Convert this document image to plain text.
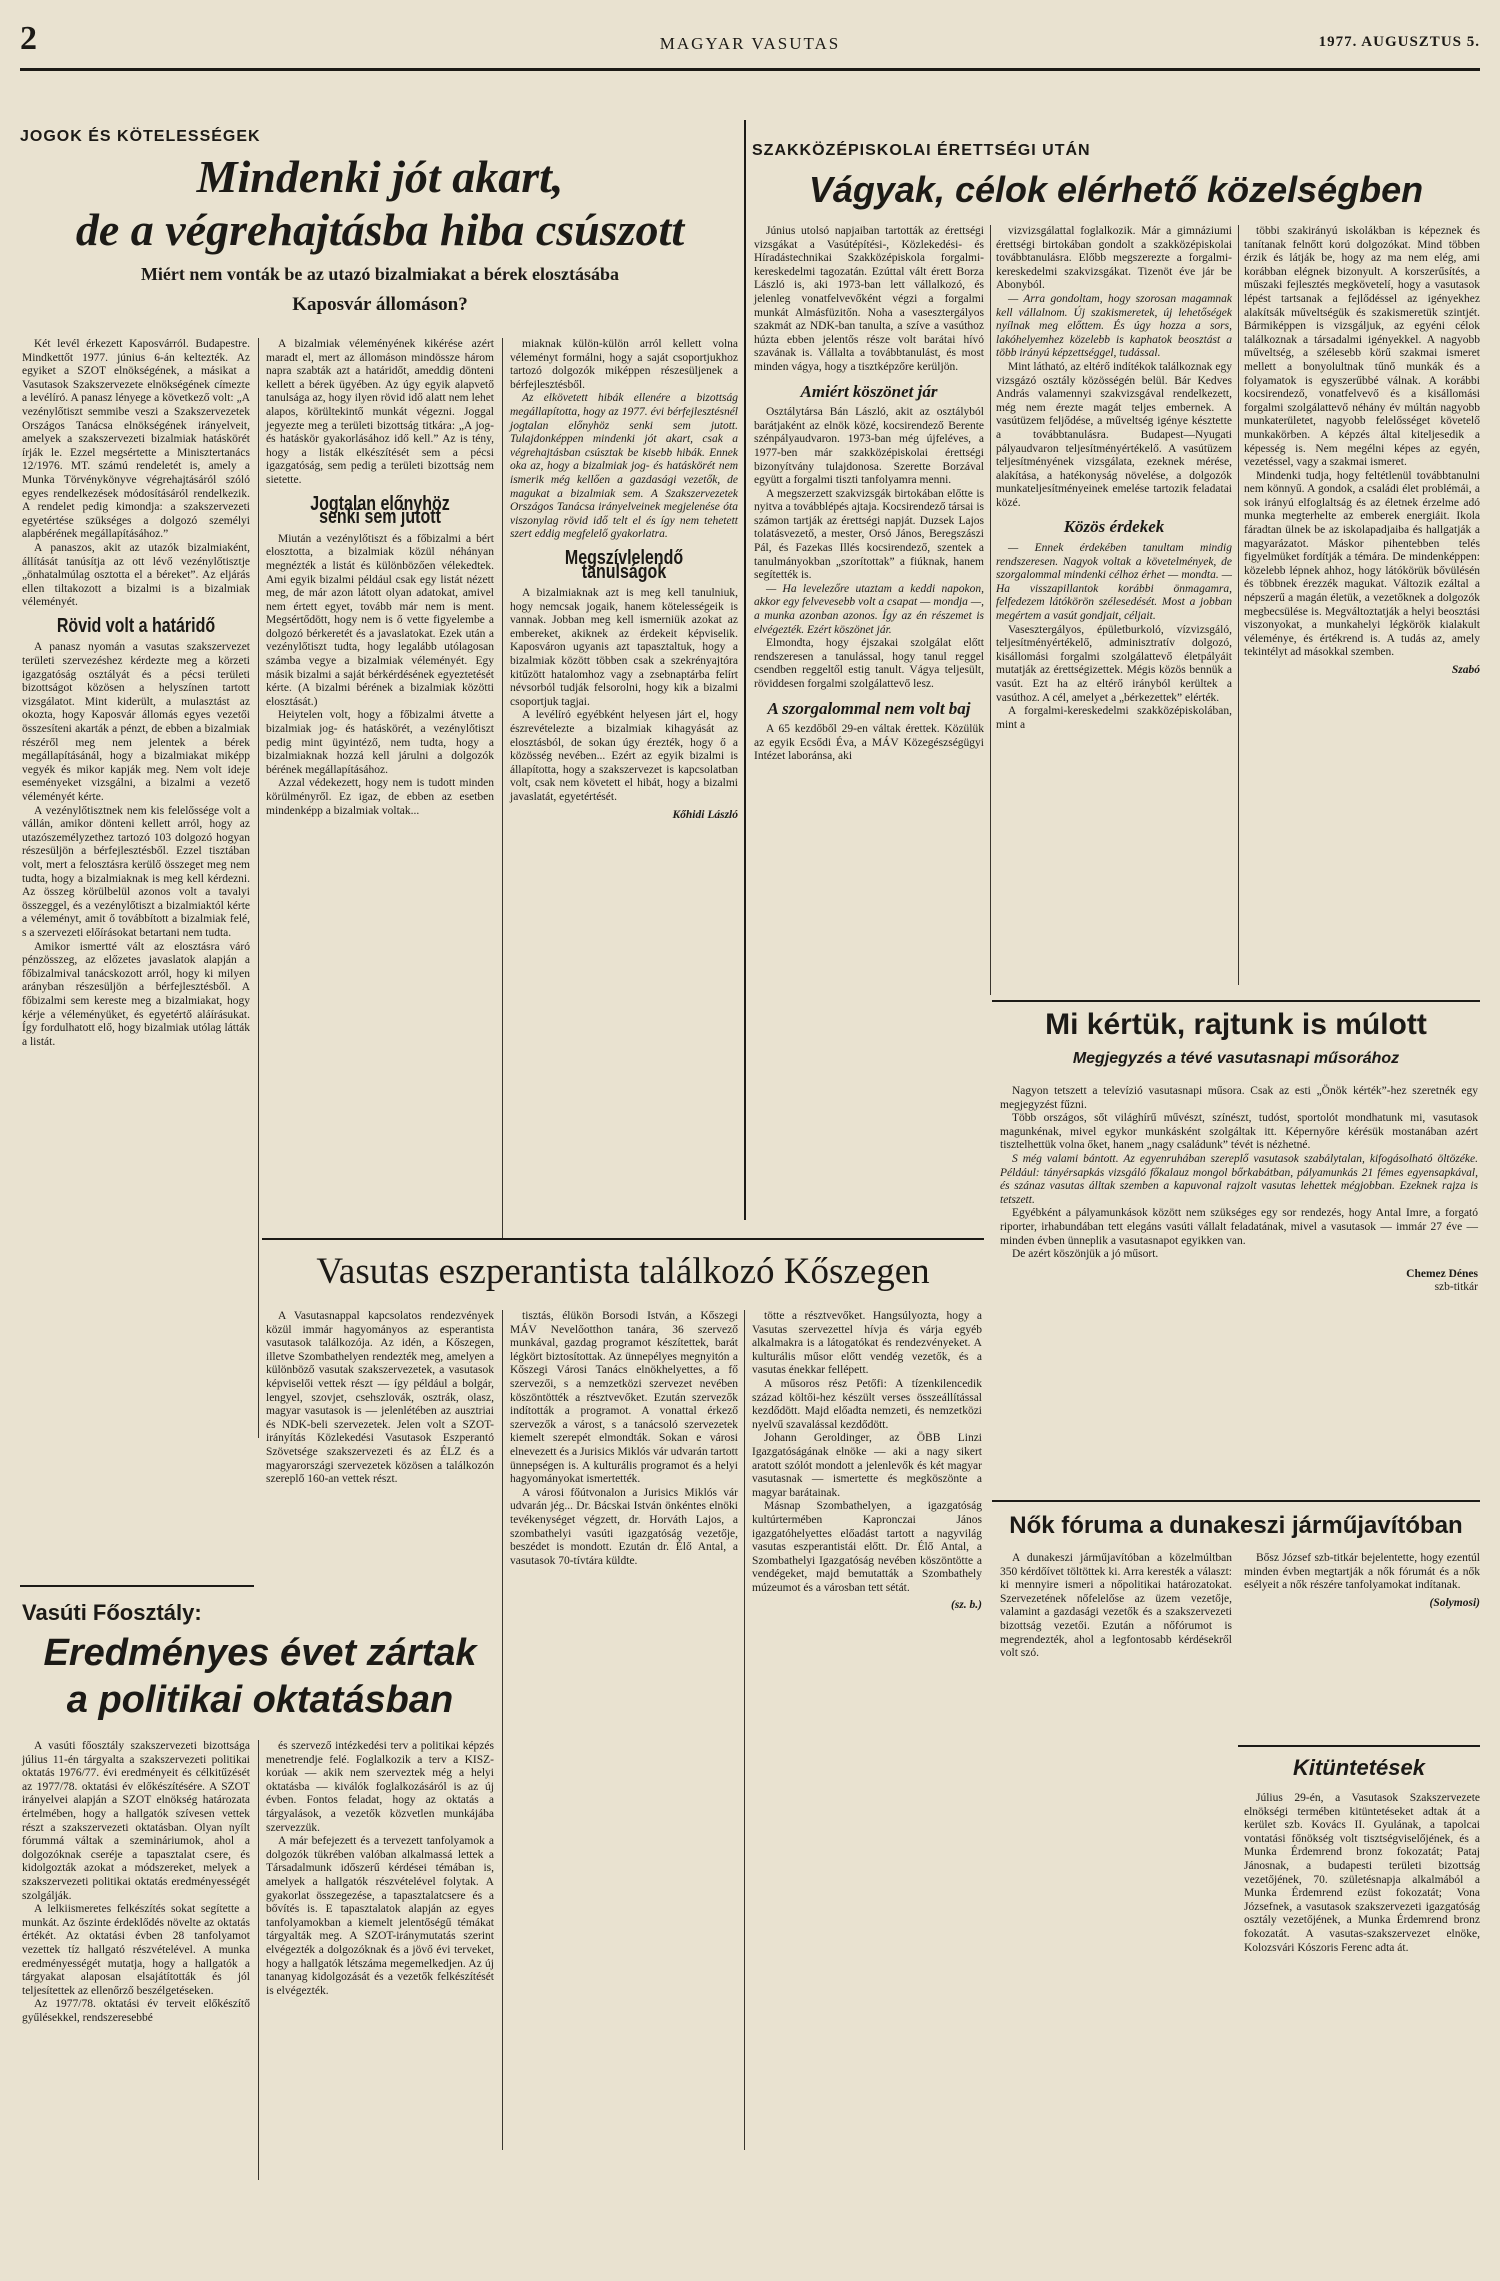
2	MAGYAR VASUTAS	1977. AUGUSZTUS 5.
JOGOK ÉS KÖTELESSÉGEK
Mindenki jót akart,
de a végrehajtásba hiba csúszott
Miért nem vonták be az utazó bizalmiakat a bérek elosztásába
Kaposvár állomáson?

Két levél érkezett Kaposvárról. Budapestre. Mindkettőt 1977. június 6-án keltezték. Az egyiket a SZOT elnökségének, a másikat a Vasutasok Szakszervezete elnökségének címezte a levélíró. A panasz lényege a következő volt: „A vezénylőtiszt semmibe veszi a Szakszervezetek Országos Tanácsa elnökségének irányelveit, amelyek a szakszervezeti bizalmiak hatáskörét írják le. Ezzel megsértette a Minisztertanács 12/1976. MT. számú rendeletét is, amely a Munka Törvénykönyve végrehajtásáról szóló egyes rendelkezések módosításáról rendelkezik. A rendelet pedig kimondja: a szakszervezeti egyetértése szükséges a dolgozó személyi alapbérének megállapításához.”

A panaszos, akit az utazók bizalmiaként, állítását tanúsítja az ott lévő vezénylőtisztje „önhatalmúlag osztotta el a béreket”. Az eljárás ellen tiltakozott a bizalmi is a bizalmiak véleményét.

Rövid volt a határidő

A panasz nyomán a vasutas szakszervezet területi szervezéshez kérdezte meg a körzeti igazgatóság osztályát és a pécsi területi bizottságot közösen a helyszínen tartott vizsgálatot. Mint kiderült, a mulasztást az okozta, hogy Kaposvár állomás egyes vezetői összesíteni akarták a pénzt, de ebben a bizalmiak részéről meg nem jelentek a bérek megállapításánál, hogy a bizalmiakat miképp vegyék és mikor kapják meg. Nem volt ideje eseményeket vizsgálni, a bizalmi a vezető véleményét kérte.

A vezénylőtisztnek nem kis felelőssége volt a vállán, amikor dönteni kellett arról, hogy az utazószemélyzethez tartozó 103 dolgozó hogyan részesüljön a bérfejlesztésből. Ezzel tisztában volt, mert a felosztásra kerülő összeget meg nem tudta, hogy a bizalmiaknak is meg kell kérdezni. Az összeg körülbelül azonos volt a tavalyi összeggel, és a vezénylőtiszt a bizalmiaktól kérte a véleményt, amit ő továbbított a bizalmiak felé, s a szervezeti előírásokat betartani nem tudta.

Amikor ismertté vált az elosztásra váró pénzösszeg, az előzetes javaslatok alapján a főbizalmival tanácskozott arról, hogy ki milyen arányban részesüljön a bérfejlesztésből. A főbizalmi sem kereste meg a bizalmiakat, hogy kérje a véleményüket, és egyetértő aláírásukat. Így fordulhatott elő, hogy bizalmiak utólag látták a listát.

A bizalmiak véleményének kikérése azért maradt el, mert az állomáson mindössze három napra szabták azt a határidőt, ameddig dönteni kellett a bérek ügyében. Az úgy egyik alapvető tanulsága az, hogy ilyen rövid idő alatt nem lehet alapos, körültekintő munkát végezni. Joggal jegyezte meg a területi bizottság titkára: „A jog- és hatáskör gyakorlásához idő kell.” Az is tény, hogy a listák elkészítését sem a pécsi igazgatóság, sem pedig a területi bizottság nem sietette.

Jogtalan előnyhöz senki sem jutott

Miután a vezénylőtiszt és a főbizalmi a bért elosztotta, a bizalmiak közül néhányan megnézték a listát és különbözően vélekedtek. Ami egyik bizalmi például csak egy listát nézett meg, de már azon látott olyan adatokat, amivel nem értett egyet, tovább már nem is ment. Megsértődött, hogy nem is ő vette figyelembe a dolgozó bérkeretét és a javaslatokat. Ezek után a vezénylőtiszt tudta, hogy legalább utólagosan számba vegye a bizalmiak véleményét. Egy másik bizalmi a saját bérkérdésének egyeztetését kérte. (A bizalmi bérének a bizalmiak közötti elosztását.)

Heiytelen volt, hogy a főbizalmi átvette a bizalmiak jog- és hatáskörét, a vezénylőtiszt pedig mint ügyintéző, nem tudta, hogy a bizalmiaknak hozzá kell járulni a dolgozók bérének megállapításához.

Azzal védekezett, hogy nem is tudott minden körülményről. Ez igaz, de ebben az esetben mindenképp a bizalmiak voltak...

miaknak külön-külön arról kellett volna véleményt formálni, hogy a saját csoportjukhoz tartozó dolgozók miképpen részesüljenek a bérfejlesztésből.

Az elkövetett hibák ellenére a bizottság megállapította, hogy az 1977. évi bérfejlesztésnél jogtalan előnyhöz senki sem jutott. Tulajdonképpen mindenki jót akart, csak a végrehajtásban csúsztak be kisebb hibák. Ennek oka az, hogy a bizalmiak jog- és hatáskörét nem ismerik még kellően a gazdasági vezetők, de magukat a bizalmiak sem. A Szakszervezetek Országos Tanácsa irányelveinek megjelenése óta viszonylag rövid idő telt el és így nem tehetett szert eddig megfelelő gyakorlatra.

Megszívlelendő tanulságok

A bizalmiaknak azt is meg kell tanulniuk, hogy nemcsak jogaik, hanem kötelességeik is vannak. Jobban meg kell ismerniük azokat az embereket, akiknek az érdekeit képviselik. Kaposváron ugyanis azt tapasztaltuk, hogy a bizalmiak között többen csak a szekrényajtóra kitűzött hatalomhoz vagy a zsebnaptárba felírt névsorból tudják felsorolni, hogy kik a bizalmi csoportjuk tagjai.

A levélíró egyébként helyesen járt el, hogy észrevételezte a bizalmiak kihagyását az elosztásból, de sokan úgy érezték, hogy ő a közösség nevében... Ezért az egyik bizalmi is állapította, hogy a szakszervezet is kapcsolatban volt, csak nem követett el hibát, hogy a bizalmi javaslatát, egyetértését.

Kőhidi László
SZAKKÖZÉPISKOLAI ÉRETTSÉGI UTÁN
Vágyak, célok elérhető közelségben

Június utolsó napjaiban tartották az érettségi vizsgákat a Vasútépítési-, Közlekedési- és Híradástechnikai Szakközépiskola forgalmi-kereskedelmi tagozatán. Ezúttal vált érett Borza László is, aki 1973-ban lett vállalkozó, és jelenleg vonatfelvevőként végzi a forgalmi munkát Almásfüzitőn. Noha a vasesztergályos szakmát az NDK-ban tanulta, a szíve a vasúthoz húzta ebben jelentős része volt barátai hívó szavának is. Vállalta a továbbtanulást, és most minden vágya, hogy a tisztképzőre kerüljön.

Amiért köszönet jár

Osztálytársa Bán László, akit az osztályból barátjaként az elnök közé, kocsirendező Berente szénpályaudvaron. 1973-ban még újfeléves, a 1977-ben már szakközépiskolai érettségi bizonyítvány tulajdonosa. Szerette Borzával együtt a forgalmi tiszti tanfolyamra menni.

A megszerzett szakvizsgák birtokában előtte is nyitva a továbblépés ajtaja. Kocsirendező társai is számon tartják az érettségi napját. Duzsek Lajos tolatásvezető, a mester, Orsó János, Beregszászi Pál, és Fazekas Illés kocsirendező, szentek a tanulmányokban „szorítottak” a fiúknak, hanem segítették is.

— Ha levelezőre utaztam a keddi napokon, akkor egy felvevesebb volt a csapat — mondja —, a munka azonban azonos. Így az én részemet is elvégezték. Ezért köszönet jár.

Elmondta, hogy éjszakai szolgálat előtt rendszeresen a tanulással, hogy tanul reggel csendben reggeltől estig tanult. Vágya teljesült, röviddesen forgalmi szolgálattevő lesz.

A szorgalommal nem volt baj

A 65 kezdőből 29-en váltak érettek. Közülük az egyik Ecsődi Éva, a MÁV Közegészségügyi Intézet laboránsa, aki

vizvizsgálattal foglalkozik. Már a gimnáziumi érettségi birtokában gondolt a szakközépiskolai továbbtanulásra. Előbb megszerezte a forgalmi-kereskedelmi szakvizsgákat. Tizenöt éve jár be Abonyból.

— Arra gondoltam, hogy szorosan magamnak kell vállalnom. Új szakismeretek, új lehetőségek nyílnak meg előttem. És úgy hozza a sors, lakóhelyemhez közelebb is kaphatok beosztást a több irányú képzettséggel, tudással.

Mint látható, az eltérő indítékok találkoznak egy vizsgázó osztály közösségén belül. Bár Kedves András valamennyi szakvizsgával rendelkezett, még nem érezte magát teljes embernek. A vasútüzem feljődése, a műveltség igénye késztette a továbbtanulásra. Budapest—Nyugati pályaudvaron teljesítményértékelő. A vasútüzem teljesítményének vizsgálata, ezeknek mérése, alakítása, a hatékonyság növelése, a dolgozók munkateljesítményeinek emelése tartozik feladatai közé.

Közös érdekek

— Ennek érdekében tanultam mindig rendszeresen. Nagyok voltak a követelmények, de szorgalommal mindenki célhoz érhet — mondta. — Ha visszapillantok korábbi önmagamra, felfedezem látókörön szélesedését. Most a jobban megértem a vasút gondjait, céljait.

Vasesztergályos, épületburkoló, vízvizsgáló, teljesítményértékelő, adminisztratív dolgozó, kisállomási forgalmi szolgálattevő életpályáit mutatják az érettségizettek. Mégis közös bennük a vasút. Ezt ha az eltérő irányból kerültek a vasúthoz. A cél, amelyet a „bérkezettek” elérték.

A forgalmi-kereskedelmi szakközépiskolában, mint a

többi szakirányú iskolákban is képeznek és tanítanak felnőtt korú dolgozókat. Mind többen érzik és látják be, hogy az ma nem elég, ami korábban elégnek bizonyult. A korszerűsítés, a műszaki fejlesztés megkövetelí, hogy a vasutasok lépést tartsanak a fejlődéssel az igényekhez alakítsák műveltségük és szakismeretük szintjét. Bármiképpen is vizsgáljuk, az egyéni célok találkoznak a társadalmi igényekkel. A nagyobb műveltség, a szélesebb körű szakmai ismeret mellett a bonyolultnak tűnő munkák és a folyamatok is egyszerűbbé válnak. A korábbi kocsirendező, vonatfelvevő és a kisállomási forgalmi szolgálattevő néhány év múltán nagyobb munkaterületet, nagyobb felelősséget követelő munkakörben. A képzés által kiteljesedik a képesség is. Nem megélni képes az egyén, vezetéssel, vagy a szakmai ismeret.

Mindenki tudja, hogy feltétlenül továbbtanulni nem könnyű. A gondok, a családi élet problémái, a sok irányú elfoglaltság és az életnek érzelme adó munka megterhelte az emberek energiáit. Ikola fáradtan ülnek be az iskolapadjaiba és hallgatják a magyarázatot. Máskor pihentebben telés figyelmüket fordítják a témára. De mindenképpen: közelebb lépnek ahhoz, hogy látókörük bővülésén és többnek érezzék magukat. Változik ezáltal a népszerű a magán életük, a vezetőknek a dolgozók megbecsülése is. Megváltoztatják a helyi beosztási viszonyokat, a munkahelyi légkörök kialakult véleménye, és értékrend is. A tudás az, amely tekintélyt ad másokkal szemben.

Szabó
Mi kértük, rajtunk is múlott
Megjegyzés a tévé vasutasnapi műsorához

Nagyon tetszett a televízió vasutasnapi műsora. Csak az esti „Önök kérték”-hez szeretnék egy megjegyzést fűzni.

Több országos, sőt világhírű művészt, színészt, tudóst, sportolót mondhatunk mi, vasutasok magunkénak, mivel egykor munkásként szolgáltak itt. Képernyőre kérésük mostanában azért tisztelhettük volna őket, hanem „nagy családunk” tévét is nézhetné.

S még valami bántott. Az egyenruhában szereplő vasutasok szabálytalan, kifogásolható öltözéke. Például: tányérsapkás vizsgáló főkalauz mongol bőrkabátban, pályamunkás 21 fémes egyensapkával, és szánaz vasutas álltak szemben a kapuvonal rajzolt vasutas lehettek mégjobban. Ezeknek rajza is tetszett.

Egyébként a pályamunkások között nem szükséges egy sor rendezés, hogy Antal Imre, a forgató riporter, irhabundában tett elegáns vasúti vállalt feladatának, mivel a vasutasok — immár 27 éve — minden évben ünneplik a vasutasnapot egyikken van.

De azért köszönjük a jó műsort.

Chemez Dénes
szb-titkár
Vasutas eszperantista találkozó Kőszegen

A Vasutasnappal kapcsolatos rendezvények közül immár hagyományos az esperantista vasutasok találkozója. Az idén, a Kőszegen, illetve Szombathelyen rendezték meg, amelyen a különböző vasutak szakszervezetek, a vasutasok képviselői vettek részt — így például a bolgár, lengyel, szovjet, csehszlovák, osztrák, olasz, magyar vasutasok is — jelenlétében az ausztriai és NDK-beli szervezetek. Jelen volt a SZOT-irányítás Közlekedési Vasutasok Eszperantó Szövetsége szakszervezeti és az ÉLZ és a magyarországi szervezetek közösen a találkozón szereplő 160-an vettek részt.

tisztás, élükön Borsodi István, a Kőszegi MÁV Nevelőotthon tanára, 36 szervező munkával, gazdag programot készítettek, barát légkört biztosítottak. Az ünnepélyes megnyitón a Kőszegi Városi Tanács elnökhelyettes, a fő szervezői, s a nemzetközi szervezet nevében köszöntötték a résztvevőket. Ezután szervezők indították a programot. A vonattal érkező szervezők a várost, s a tanácsoló szervezetek kiemelt szerepét elmondták. Sokan e városi elnevezett és a Jurisics Miklós vár udvarán tartott ünnepségen is. A kulturális programot és a helyi hagyományokat ismertették.

A városi főútvonalon a Jurisics Miklós vár udvarán jég... Dr. Bácskai István önkéntes elnöki tevékenységet végzett, dr. Horváth Lajos, a szombathelyi vasúti igazgatóság vezetője, beszédet is mondott. Ezután dr. Élő Antal, a vasutasok 70-tívtára küldte.

tötte a résztvevőket. Hangsúlyozta, hogy a Vasutas szervezettel hívja és várja egyéb alkalmakra is a látogatókat és rendezvényeket. A kulturális műsor előtt vendég vezetők, és a vasutas énekkar fellépett.

A műsoros rész Petőfi: A tízenkilencedik század költői-hez készült verses összeállítással kezdődött. Majd előadta nemzeti, és nemzetközi nyelvű szavalással kezdődött.

Johann Geroldinger, az ÖBB Linzi Igazgatóságának elnöke — aki a nagy sikert aratott szólót mondott a jelenlevők és két magyar vasutasnak — ismertette és megköszönte a magyar barátainak.

Másnap Szombathelyen, a igazgatóság kultúrtermében Kapronczai János igazgatóhelyettes előadást tartott a nagyvilág vasutas eszperantistái előtt. Dr. Élő Antal, a Szombathelyi Igazgatóság nevében köszöntötte a vendégeket, majd bemutatták a Szombathely múzeumot és a városban tett sétát.

(sz. b.)
Vasúti Főosztály:
Eredményes évet zártak
a politikai oktatásban

A vasúti főosztály szakszervezeti bizottsága július 11-én tárgyalta a szakszervezeti politikai oktatás 1976/77. évi eredményeit és célkitűzését az 1977/78. oktatási év előkészítésére. A SZOT irányelvei alapján a SZOT elnökség határozata értelmében, hogy a hallgatók szívesen vettek részt a szakszervezeti oktatásban. Olyan nyílt fórummá váltak a szemináriumok, ahol a dolgozóknak cseréje a tapasztalat csere, és kidolgozták azokat a módszereket, melyek a szakszervezeti politikai oktatás eredményességét szolgálják.

A lelkiismeretes felkészítés sokat segítette a munkát. Az őszinte érdeklődés növelte az oktatás értékét. Az oktatási évben 28 tanfolyamot vezettek tíz hallgató részvételével. A munka eredményességét mutatja, hogy a hallgatók a tárgyakat alaposan elsajátították és jól teljesítettek az ellenőrző beszélgetéseken.

Az 1977/78. oktatási év terveit előkészítő gyűlésekkel, rendszeresebbé

és szervező intézkedési terv a politikai képzés menetrendje felé. Foglalkozik a terv a KISZ-korúak — akik nem szerveztek még a helyi oktatásba — kiválók foglalkozásáról is az új évben. Fontos feladat, hogy az oktatás a tárgyalások, a vezetők közvetlen munkájába szervezzük.

A már befejezett és a tervezett tanfolyamok a dolgozók tükrében valóban alkalmassá lettek a Társadalmunk időszerű kérdései témában is, amelyek a hallgatók részvételével folytak. A gyakorlat összegezése, a tapasztalatcsere és a bővítés is. E tapasztalatok alapján az egyes tanfolyamokban a kiemelt jelentőségű témákat tárgyalták meg. A SZOT-iránymutatás szerint elvégezték a dolgozóknak és a jövő évi terveket, hogy a hallgatók létszáma megemelkedjen. Az új tananyag kidolgozását és a vezetők felkészítését is elvégezték.

Nők fóruma a dunakeszi járműjavítóban

A dunakeszi járműjavítóban a közelmúltban 350 kérdőívet töltöttek ki. Arra keresték a választ: ki mennyire ismeri a nőpolitikai határozatokat. Szervezetének nőfelelőse az üzem vezetője, valamint a gazdasági vezetők és a szakszervezeti bizottság vezetői. Ezután a nőfórumot is megrendezték, ahol a legfontosabb kérdésekről volt szó.

Bősz József szb-titkár bejelentette, hogy ezentúl minden évben megtartják a nők fórumát és a nők esélyeit a nők részére tanfolyamokat indítanak.

(Solymosi)
Kitüntetések

Július 29-én, a Vasutasok Szakszervezete elnökségi termében kitüntetéseket adtak át a kerület szb. Kovács II. Gyulának, a tapolcai vontatási főnökség volt tisztségviselőjének, és a Munka Érdemrend bronz fokozatát; Pataj Jánosnak, a budapesti területi bizottság vezetőjének, 70. születésnapja alkalmából a Munka Érdemrend ezüst fokozatát; Vona Józsefnek, a vasutasok szakszervezeti igazgatóság osztály vezetőjének, a Munka Érdemrend bronz fokozatát. A vasutas-szakszervezet elnöke, Kolozsvári Kószoris Ferenc adta át.
